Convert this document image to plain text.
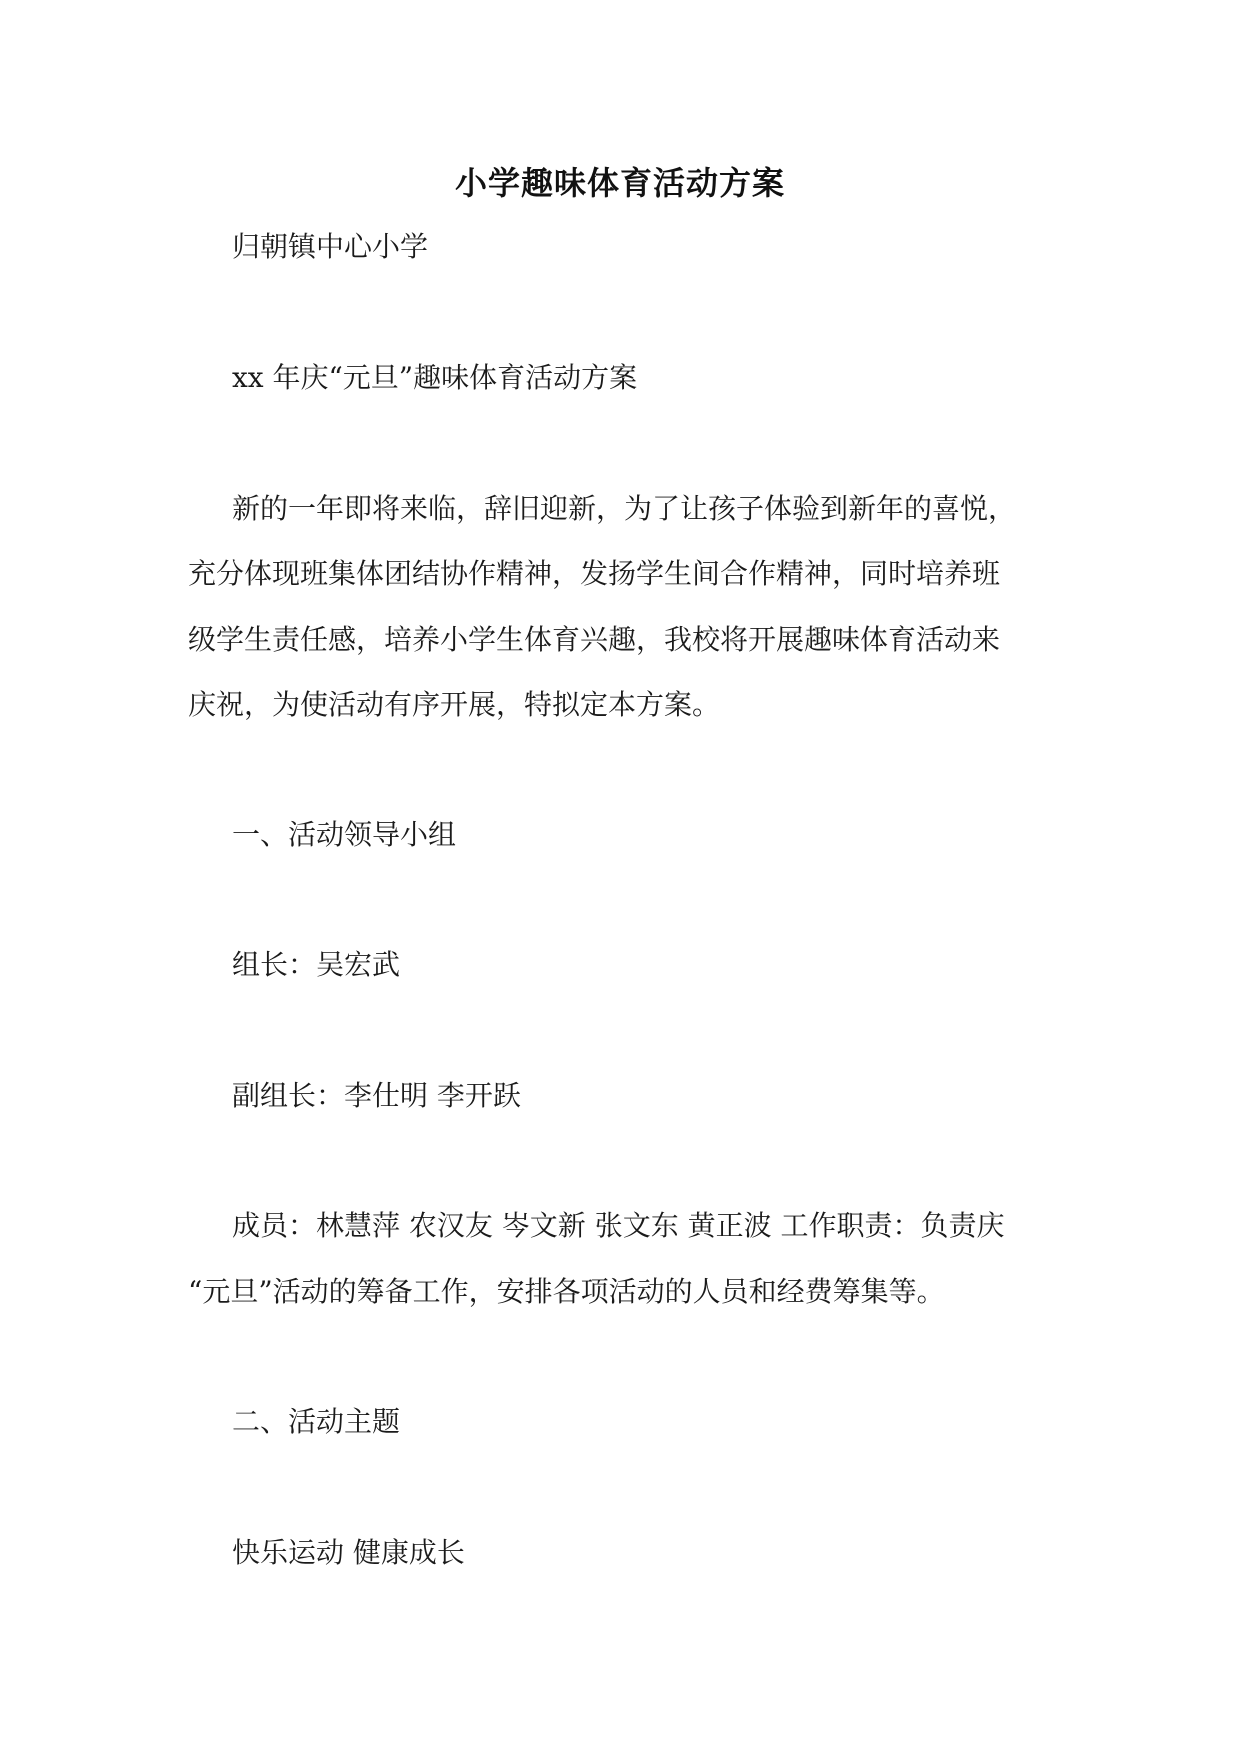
小学趣味体育活动方案
归朝镇中心小学
xx 年庆“元旦”趣味体育活动方案
新的一年即将来临，辞旧迎新，为了让孩子体验到新年的喜悦，
充分体现班集体团结协作精神，发扬学生间合作精神，同时培养班
级学生责任感，培养小学生体育兴趣，我校将开展趣味体育活动来
庆祝，为使活动有序开展，特拟定本方案。
一、活动领导小组
组长：吴宏武
副组长：李仕明 李开跃
成员：林慧萍 农汉友 岑文新 张文东 黄正波 工作职责：负责庆
“元旦”活动的筹备工作，安排各项活动的人员和经费筹集等。
二、活动主题
快乐运动 健康成长
